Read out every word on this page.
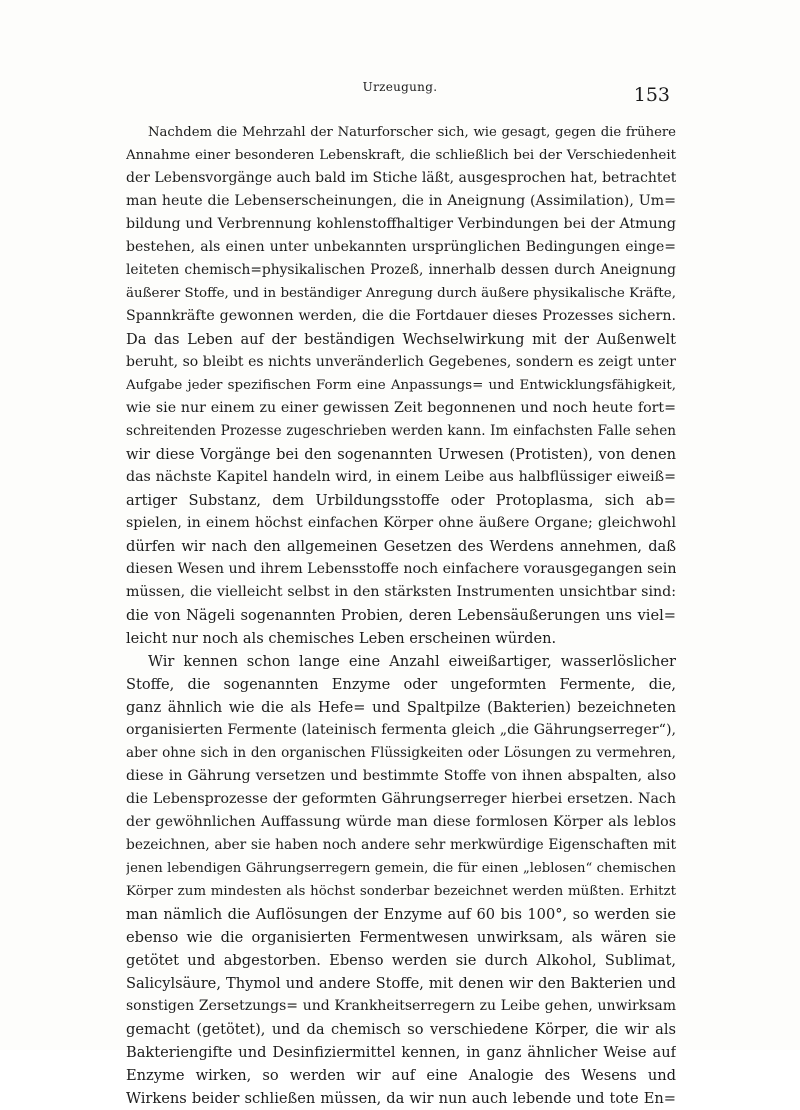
Urzeugung.	153
Nachdem die Mehrzahl der Naturforscher sich, wie gesagt, gegen die frühere
Annahme einer besonderen Lebenskraft, die schließlich bei der Verschiedenheit
der Lebensvorgänge auch bald im Stiche läßt, ausgesprochen hat, betrachtet
man heute die Lebenserscheinungen, die in Aneignung (Assimilation), Um=
bildung und Verbrennung kohlenstoffhaltiger Verbindungen bei der Atmung
bestehen, als einen unter unbekannten ursprünglichen Bedingungen einge=
leiteten chemisch=physikalischen Prozeß, innerhalb dessen durch Aneignung
äußerer Stoffe, und in beständiger Anregung durch äußere physikalische Kräfte,
Spannkräfte gewonnen werden, die die Fortdauer dieses Prozesses sichern.
Da das Leben auf der beständigen Wechselwirkung mit der Außenwelt
beruht, so bleibt es nichts unveränderlich Gegebenes, sondern es zeigt unter
Aufgabe jeder spezifischen Form eine Anpassungs= und Entwicklungsfähigkeit,
wie sie nur einem zu einer gewissen Zeit begonnenen und noch heute fort=
schreitenden Prozesse zugeschrieben werden kann. Im einfachsten Falle sehen
wir diese Vorgänge bei den sogenannten Urwesen (Protisten), von denen
das nächste Kapitel handeln wird, in einem Leibe aus halbflüssiger eiweiß=
artiger Substanz, dem Urbildungsstoffe oder Protoplasma, sich ab=
spielen, in einem höchst einfachen Körper ohne äußere Organe; gleichwohl
dürfen wir nach den allgemeinen Gesetzen des Werdens annehmen, daß
diesen Wesen und ihrem Lebensstoffe noch einfachere vorausgegangen sein
müssen, die vielleicht selbst in den stärksten Instrumenten unsichtbar sind:
die von Nägeli sogenannten Probien, deren Lebensäußerungen uns viel=
leicht nur noch als chemisches Leben erscheinen würden.
Wir kennen schon lange eine Anzahl eiweißartiger, wasserlöslicher
Stoffe, die sogenannten Enzyme oder ungeformten Fermente, die,
ganz ähnlich wie die als Hefe= und Spaltpilze (Bakterien) bezeichneten
organisierten Fermente (lateinisch fermenta gleich „die Gährungserreger“),
aber ohne sich in den organischen Flüssigkeiten oder Lösungen zu vermehren,
diese in Gährung versetzen und bestimmte Stoffe von ihnen abspalten, also
die Lebensprozesse der geformten Gährungserreger hierbei ersetzen. Nach
der gewöhnlichen Auffassung würde man diese formlosen Körper als leblos
bezeichnen, aber sie haben noch andere sehr merkwürdige Eigenschaften mit
jenen lebendigen Gährungserregern gemein, die für einen „leblosen“ chemischen
Körper zum mindesten als höchst sonderbar bezeichnet werden müßten. Erhitzt
man nämlich die Auflösungen der Enzyme auf 60 bis 100°, so werden sie
ebenso wie die organisierten Fermentwesen unwirksam, als wären sie
getötet und abgestorben. Ebenso werden sie durch Alkohol, Sublimat,
Salicylsäure, Thymol und andere Stoffe, mit denen wir den Bakterien und
sonstigen Zersetzungs= und Krankheitserregern zu Leibe gehen, unwirksam
gemacht (getötet), und da chemisch so verschiedene Körper, die wir als
Bakteriengifte und Desinfiziermittel kennen, in ganz ähnlicher Weise auf
Enzyme wirken, so werden wir auf eine Analogie des Wesens und
Wirkens beider schließen müssen, da wir nun auch lebende und tote En=
